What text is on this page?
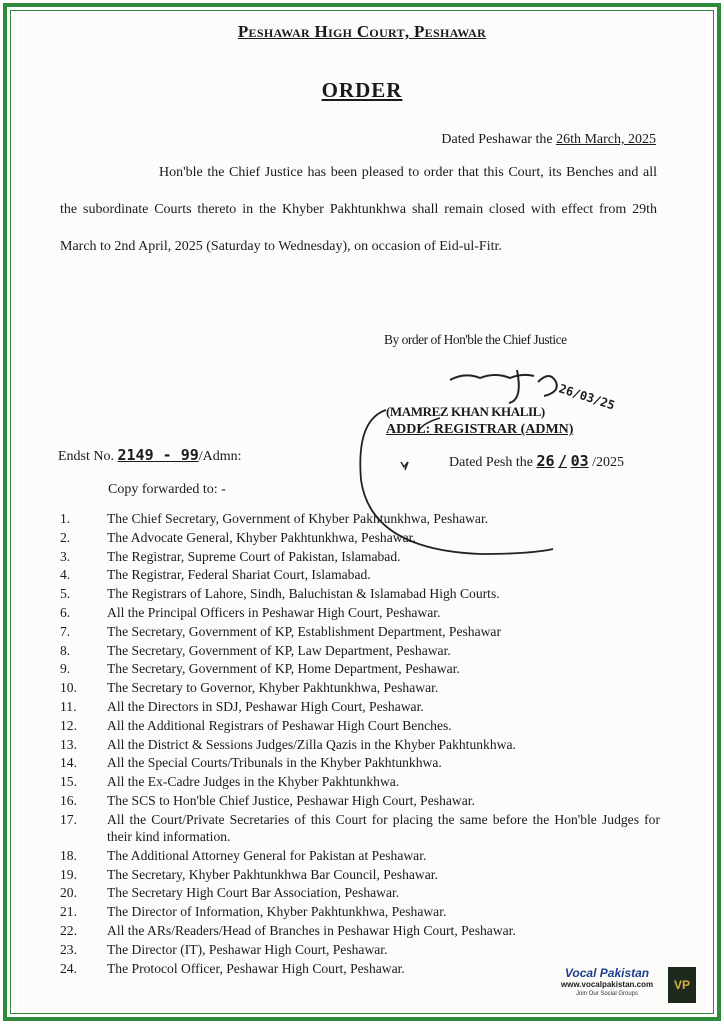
Peshawar High Court, Peshawar
ORDER
Dated Peshawar the 26th March, 2025
Hon'ble the Chief Justice has been pleased to order that this Court, its Benches and all the subordinate Courts thereto in the Khyber Pakhtunkhwa shall remain closed with effect from 29th March to 2nd April, 2025 (Saturday to Wednesday), on occasion of Eid-ul-Fitr.
By order of Hon'ble the Chief Justice
26/03/25
(MAMREZ KHAN KHALIL)
ADDL: REGISTRAR (ADMN)
Endst No. 2149 - 99/Admn:	Dated Pesh the 26 / 03 /2025
Copy forwarded to: -
1.	The Chief Secretary, Government of Khyber Pakhtunkhwa, Peshawar.
2.	The Advocate General, Khyber Pakhtunkhwa, Peshawar.
3.	The Registrar, Supreme Court of Pakistan, Islamabad.
4.	The Registrar, Federal Shariat Court, Islamabad.
5.	The Registrars of Lahore, Sindh, Baluchistan & Islamabad High Courts.
6.	All the Principal Officers in Peshawar High Court, Peshawar.
7.	The Secretary, Government of KP, Establishment Department, Peshawar
8.	The Secretary, Government of KP, Law Department, Peshawar.
9.	The Secretary, Government of KP, Home Department, Peshawar.
10.	The Secretary to Governor, Khyber Pakhtunkhwa, Peshawar.
11.	All the Directors in SDJ, Peshawar High Court, Peshawar.
12.	All the Additional Registrars of Peshawar High Court Benches.
13.	All the District & Sessions Judges/Zilla Qazis in the Khyber Pakhtunkhwa.
14.	All the Special Courts/Tribunals in the Khyber Pakhtunkhwa.
15.	All the Ex-Cadre Judges in the Khyber Pakhtunkhwa.
16.	The SCS to Hon'ble Chief Justice, Peshawar High Court, Peshawar.
17.	All the Court/Private Secretaries of this Court for placing the same before the Hon'ble Judges for their kind information.
18.	The Additional Attorney General for Pakistan at Peshawar.
19.	The Secretary, Khyber Pakhtunkhwa Bar Council, Peshawar.
20.	The Secretary High Court Bar Association, Peshawar.
21.	The Director of Information, Khyber Pakhtunkhwa, Peshawar.
22.	All the ARs/Readers/Head of Branches in Peshawar High Court, Peshawar.
23.	The Director (IT), Peshawar High Court, Peshawar.
24.	The Protocol Officer, Peshawar High Court, Peshawar.	Vocal Pakistan
www.vocalpakistan.com
Join Our Social Groups
VP
